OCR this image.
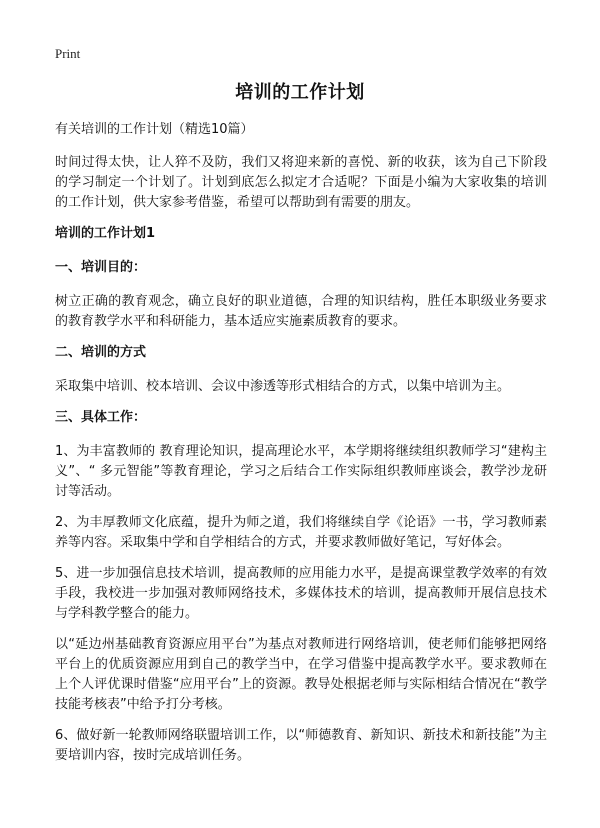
Print
培训的工作计划

有关培训的工作计划（精选10篇）

时间过得太快，让人猝不及防，我们又将迎来新的喜悦、新的收获，该为自己下阶段的学习制定一个计划了。计划到底怎么拟定才合适呢？下面是小编为大家收集的培训的工作计划，供大家参考借鉴，希望可以帮助到有需要的朋友。

培训的工作计划1

一、培训目的：

树立正确的教育观念，确立良好的职业道德，合理的知识结构，胜任本职级业务要求的教育教学水平和科研能力，基本适应实施素质教育的要求。

二、培训的方式

采取集中培训、校本培训、会议中渗透等形式相结合的方式，以集中培训为主。

三、具体工作：

1、为丰富教师的 教育理论知识，提高理论水平，本学期将继续组织教师学习“建构主义”、“ 多元智能”等教育理论，学习之后结合工作实际组织教师座谈会，教学沙龙研讨等活动。

2、为丰厚教师文化底蕴，提升为师之道，我们将继续自学《论语》一书，学习教师素养等内容。采取集中学和自学相结合的方式，并要求教师做好笔记，写好体会。

5、进一步加强信息技术培训，提高教师的应用能力水平，是提高课堂教学效率的有效手段，我校进一步加强对教师网络技术，多媒体技术的培训，提高教师开展信息技术与学科教学整合的能力。

以“延边州基础教育资源应用平台”为基点对教师进行网络培训，使老师们能够把网络平台上的优质资源应用到自己的教学当中，在学习借鉴中提高教学水平。要求教师在上个人评优课时借鉴“应用平台”上的资源。教导处根据老师与实际相结合情况在“教学技能考核表”中给予打分考核。

6、做好新一轮教师网络联盟培训工作，以“师德教育、新知识、新技术和新技能”为主要培训内容，按时完成培训任务。
